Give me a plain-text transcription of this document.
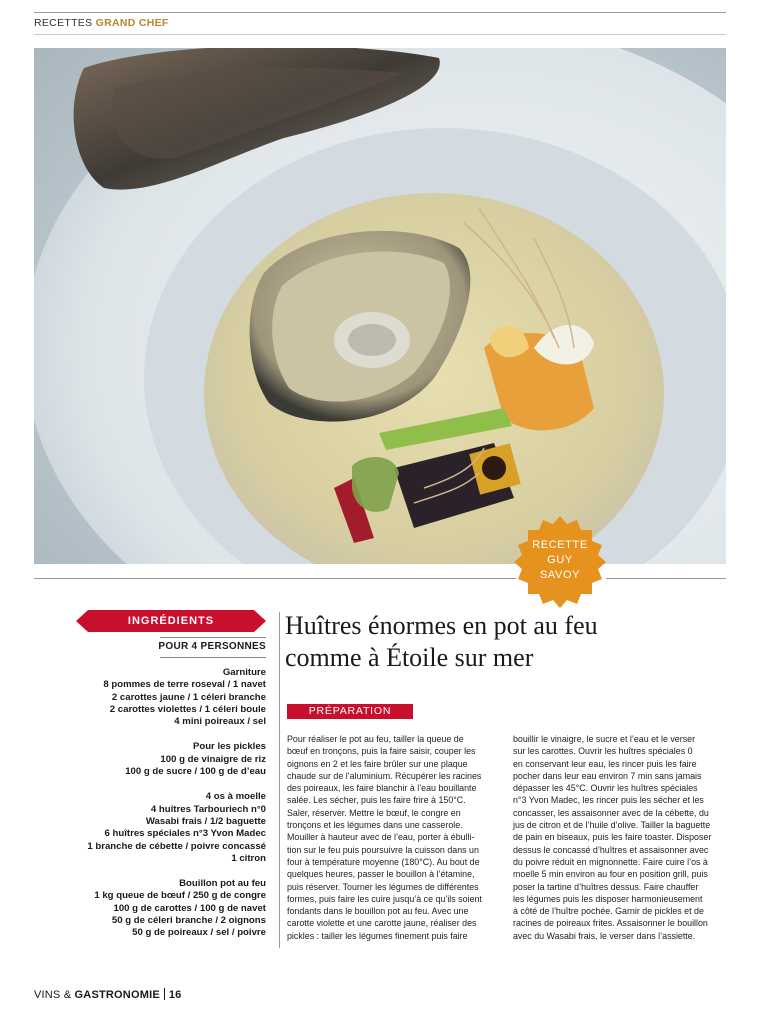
RECETTES GRAND CHEF
RECETTE
GUY
SAVOY
INGRÉDIENTS
POUR 4 PERSONNES
Garniture
8 pommes de terre roseval / 1 navet
2 carottes jaune / 1 céleri branche
2 carottes violettes / 1 céleri boule
4 mini poireaux / sel
Pour les pickles
100 g de vinaigre de riz
100 g de sucre / 100 g de d’eau
4 os à moelle
4 huîtres Tarbouriech n°0
Wasabi frais / 1/2 baguette
6 huîtres spéciales n°3 Yvon Madec
1 branche de cébette / poivre concassé
1 citron
Bouillon pot au feu
1 kg queue de bœuf / 250 g de congre
100 g de carottes / 100 g de navet
50 g de céleri branche / 2 oignons
50 g de poireaux / sel / poivre
Huîtres énormes en pot au feu
comme à Étoile sur mer
PRÉPARATION
Pour réaliser le pot au feu, tailler la queue de
bœuf en tronçons, puis la faire saisir, couper les
oignons en 2 et les faire brûler sur une plaque
chaude sur de l’aluminium. Récupérer les racines
des poireaux, les faire blanchir à l’eau bouillante
salée. Les sécher, puis les faire frire à 150°C.
Saler, réserver. Mettre le bœuf, le congre en
tronçons et les légumes dans une casserole.
Mouiller à hauteur avec de l’eau, porter à ébulli-
tion sur le feu puis poursuivre la cuisson dans un
four à température moyenne (180°C). Au bout de
quelques heures, passer le bouillon à l’étamine,
puis réserver. Tourner les légumes de différentes
formes, puis faire les cuire jusqu’à ce qu’ils soient
fondants dans le bouillon pot au feu. Avec une
carotte violette et une carotte jaune, réaliser des
pickles : tailler les légumes finement puis faire
bouillir le vinaigre, le sucre et l’eau et le verser
sur les carottes. Ouvrir les huîtres spéciales 0
en conservant leur eau, les rincer puis les faire
pocher dans leur eau environ 7 min sans jamais
dépasser les 45°C. Ouvrir les huîtres spéciales
n°3 Yvon Madec, les rincer puis les sécher et les
concasser, les assaisonner avec de la cébette, du
jus de citron et de l’huile d’olive. Tailler la baguette
de pain en biseaux, puis les faire toaster. Disposer
dessus le concassé d’huîtres et assaisonner avec
du poivre réduit en mignonnette. Faire cuire l’os à
moelle 5 min environ au four en position grill, puis
poser la tartine d’huîtres dessus. Faire chauffer
les légumes puis les disposer harmonieusement
à côté de l’huître pochée. Garnir de pickles et de
racines de poireaux frites. Assaisonner le bouillon
avec du Wasabi frais, le verser dans l’assiette.
VINS & GASTRONOMIE 16
